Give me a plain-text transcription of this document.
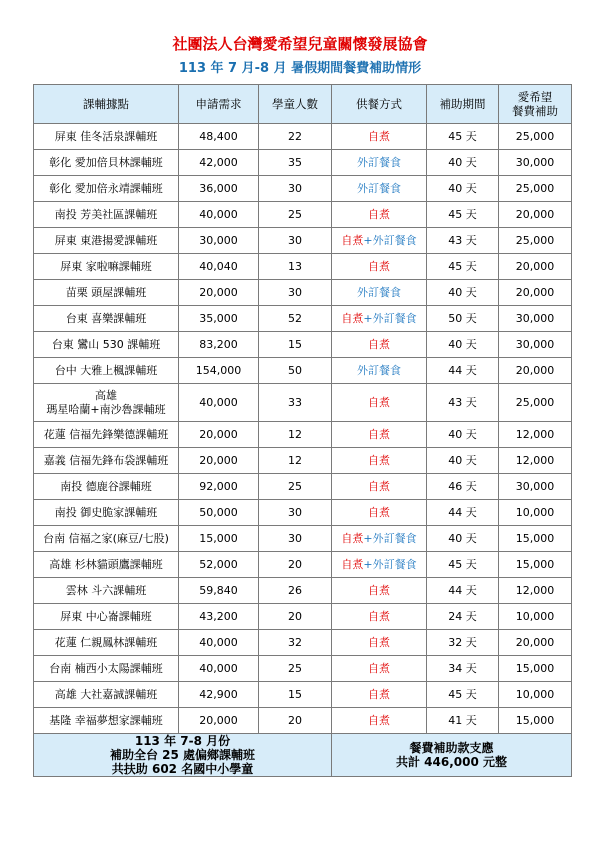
社團法人台灣愛希望兒童關懷發展協會
113 年 7 月-8 月 暑假期間餐費補助情形
課輔據點	申請需求	學童人數	供餐方式	補助期間	愛希望
餐費補助

屏東 佳冬活泉課輔班	48,400	22	自煮	45 天	25,000
彰化 愛加倍貝林課輔班	42,000	35	外訂餐食	40 天	30,000
彰化 愛加倍永靖課輔班	36,000	30	外訂餐食	40 天	25,000
南投 芳美社區課輔班	40,000	25	自煮	45 天	20,000
屏東 東港揚愛課輔班	30,000	30	自煮+外訂餐食	43 天	25,000
屏東 家啦嘛課輔班	40,040	13	自煮	45 天	20,000
苗栗 頭屋課輔班	20,000	30	外訂餐食	40 天	20,000
台東 喜樂課輔班	35,000	52	自煮+外訂餐食	50 天	30,000
台東 鸞山 530 課輔班	83,200	15	自煮	40 天	30,000
台中 大雅上楓課輔班	154,000	50	外訂餐食	44 天	20,000

高雄
瑪星哈蘭+南沙魯課輔班	40,000	33	自煮	43 天	25,000
花蓮 信福先鋒樂德課輔班	20,000	12	自煮	40 天	12,000
嘉義 信福先鋒布袋課輔班	20,000	12	自煮	40 天	12,000
南投 德鹿谷課輔班	92,000	25	自煮	46 天	30,000
南投 御史脆家課輔班	50,000	30	自煮	44 天	10,000
台南 信福之家(麻豆/七股)	15,000	30	自煮+外訂餐食	40 天	15,000
高雄 杉林貓頭鷹課輔班	52,000	20	自煮+外訂餐食	45 天	15,000
雲林 斗六課輔班	59,840	26	自煮	44 天	12,000
屏東 中心崙課輔班	43,200	20	自煮	24 天	10,000
花蓮 仁親鳳林課輔班	40,000	32	自煮	32 天	20,000
台南 楠西小太陽課輔班	40,000	25	自煮	34 天	15,000
高雄 大社嘉誠課輔班	42,900	15	自煮	45 天	10,000
基隆 幸福夢想家課輔班	20,000	20	自煮	41 天	15,000

113 年 7-8 月份
補助全台 25 處偏鄉課輔班
共扶助 602 名國中小學童			餐費補助款支應
共計 446,000 元整		
